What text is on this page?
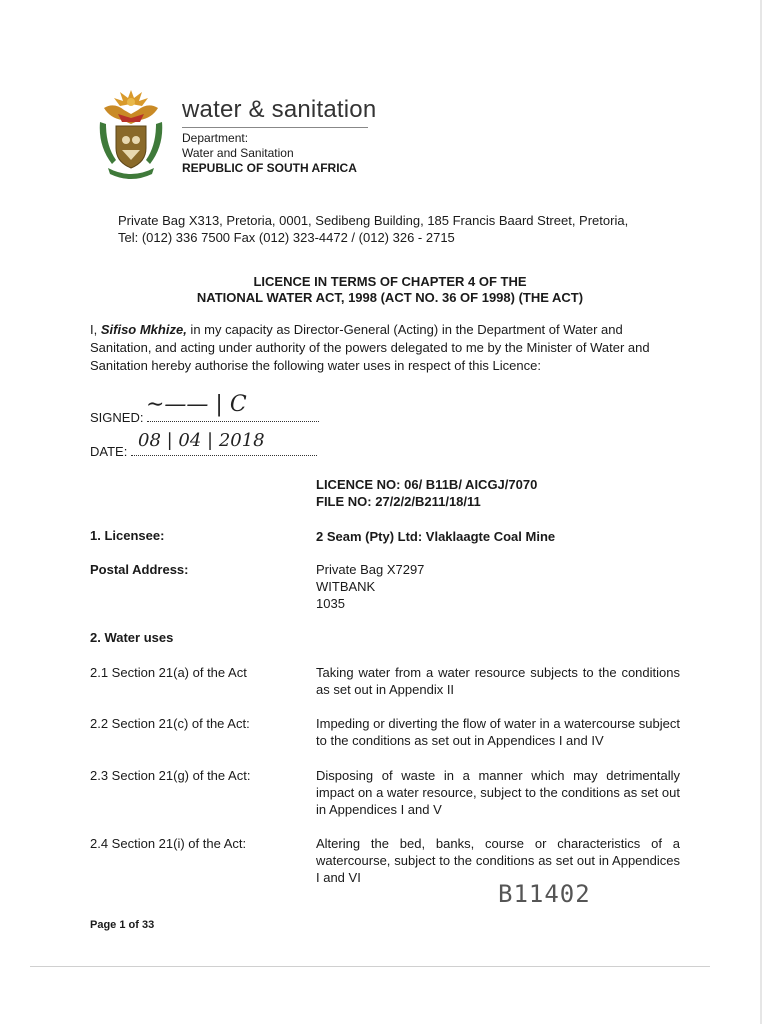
water & sanitation
Department:
Water and Sanitation
REPUBLIC OF SOUTH AFRICA
Private Bag X313, Pretoria, 0001, Sedibeng Building, 185 Francis Baard Street, Pretoria,
Tel: (012) 336 7500 Fax (012) 323-4472 / (012) 326 - 2715
LICENCE IN TERMS OF CHAPTER 4 OF THE
NATIONAL WATER ACT, 1998 (ACT NO. 36 OF 1998) (THE ACT)
I, Sifiso Mkhize, in my capacity as Director-General (Acting) in the Department of Water and Sanitation, and acting under authority of the powers delegated to me by the Minister of Water and Sanitation hereby authorise the following water uses in respect of this Licence:
SIGNED:
∼—— | C
DATE:
08 | 04 | 2018
LICENCE NO: 06/ B11B/ AICGJ/7070
FILE NO: 27/2/2/B211/18/11
1. Licensee:	2 Seam (Pty) Ltd: Vlaklaagte Coal Mine
Postal Address:	Private Bag X7297
WITBANK
1035
2. Water uses
2.1 Section 21(a) of the Act	Taking water from a water resource subjects to the conditions as set out in Appendix II
2.2 Section 21(c) of the Act:	Impeding or diverting the flow of water in a watercourse subject to the conditions as set out in Appendices I and IV
2.3 Section 21(g) of the Act:	Disposing of waste in a manner which may detrimentally impact on a water resource, subject to the conditions as set out in Appendices I and V
2.4 Section 21(i) of the Act:	Altering the bed, banks, course or characteristics of a watercourse, subject to the conditions as set out in Appendices I and VI
B11402
Page 1 of 33
